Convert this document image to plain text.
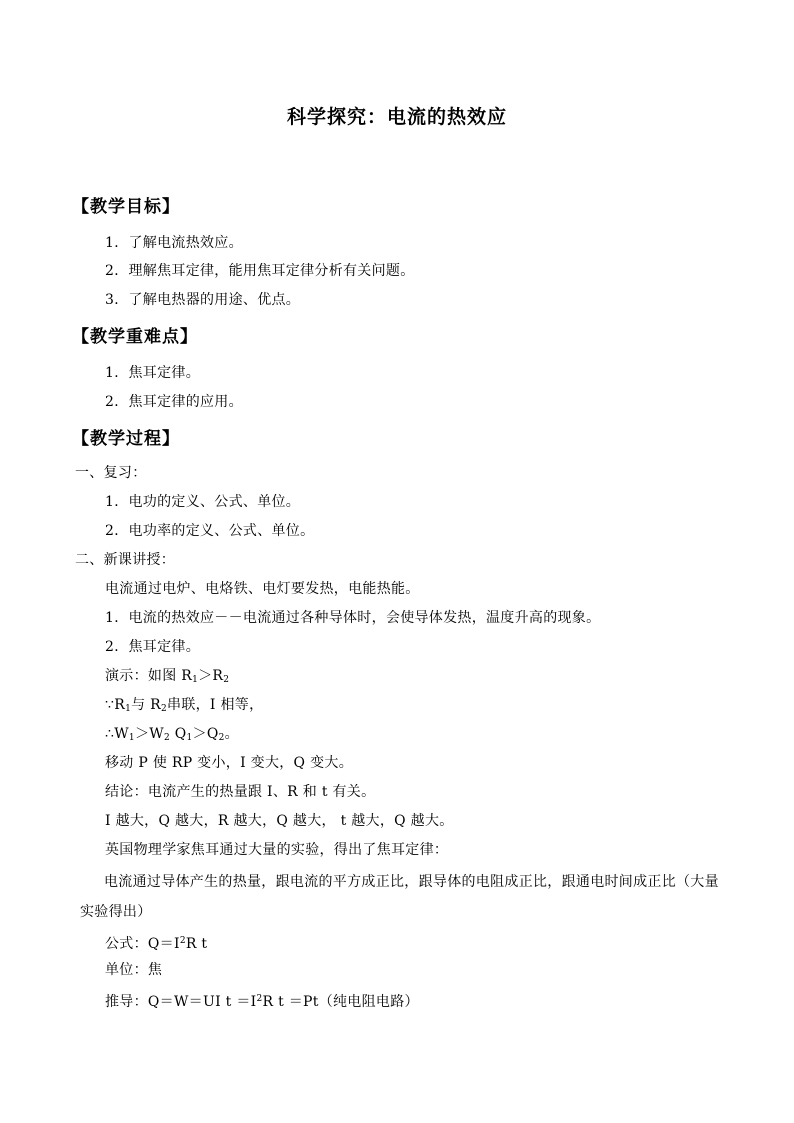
科学探究：电流的热效应
【教学目标】
1．了解电流热效应。
2．理解焦耳定律，能用焦耳定律分析有关问题。
3．了解电热器的用途、优点。
【教学重难点】
1．焦耳定律。
2．焦耳定律的应用。
【教学过程】
一、复习：
1．电功的定义、公式、单位。
2．电功率的定义、公式、单位。
二、新课讲授：
电流通过电炉、电烙铁、电灯要发热，电能热能。
1．电流的热效应－－电流通过各种导体时，会使导体发热，温度升高的现象。
2．焦耳定律。
演示：如图 $R_1>R_2$
$\because R_1$与 $R_2$串联，I 相等，
$\therefore W_1>W_2$ $Q_1>Q_2$。
移动 P 使 RP 变小，I 变大，Q 变大。
结论：电流产生的热量跟 I、R 和 t 有关。
I 越大，Q 越大，R 越大，Q 越大， t 越大，Q 越大。
英国物理学家焦耳通过大量的实验，得出了焦耳定律：
电流通过导体产生的热量，跟电流的平方成正比，跟导体的电阻成正比，跟通电时间成正比（大量实验得出）
公式：$Q=I^2R$ t
单位：焦
推导：Q＝W＝UI $t =I^2R$ t ＝Pt（纯电阻电路）
